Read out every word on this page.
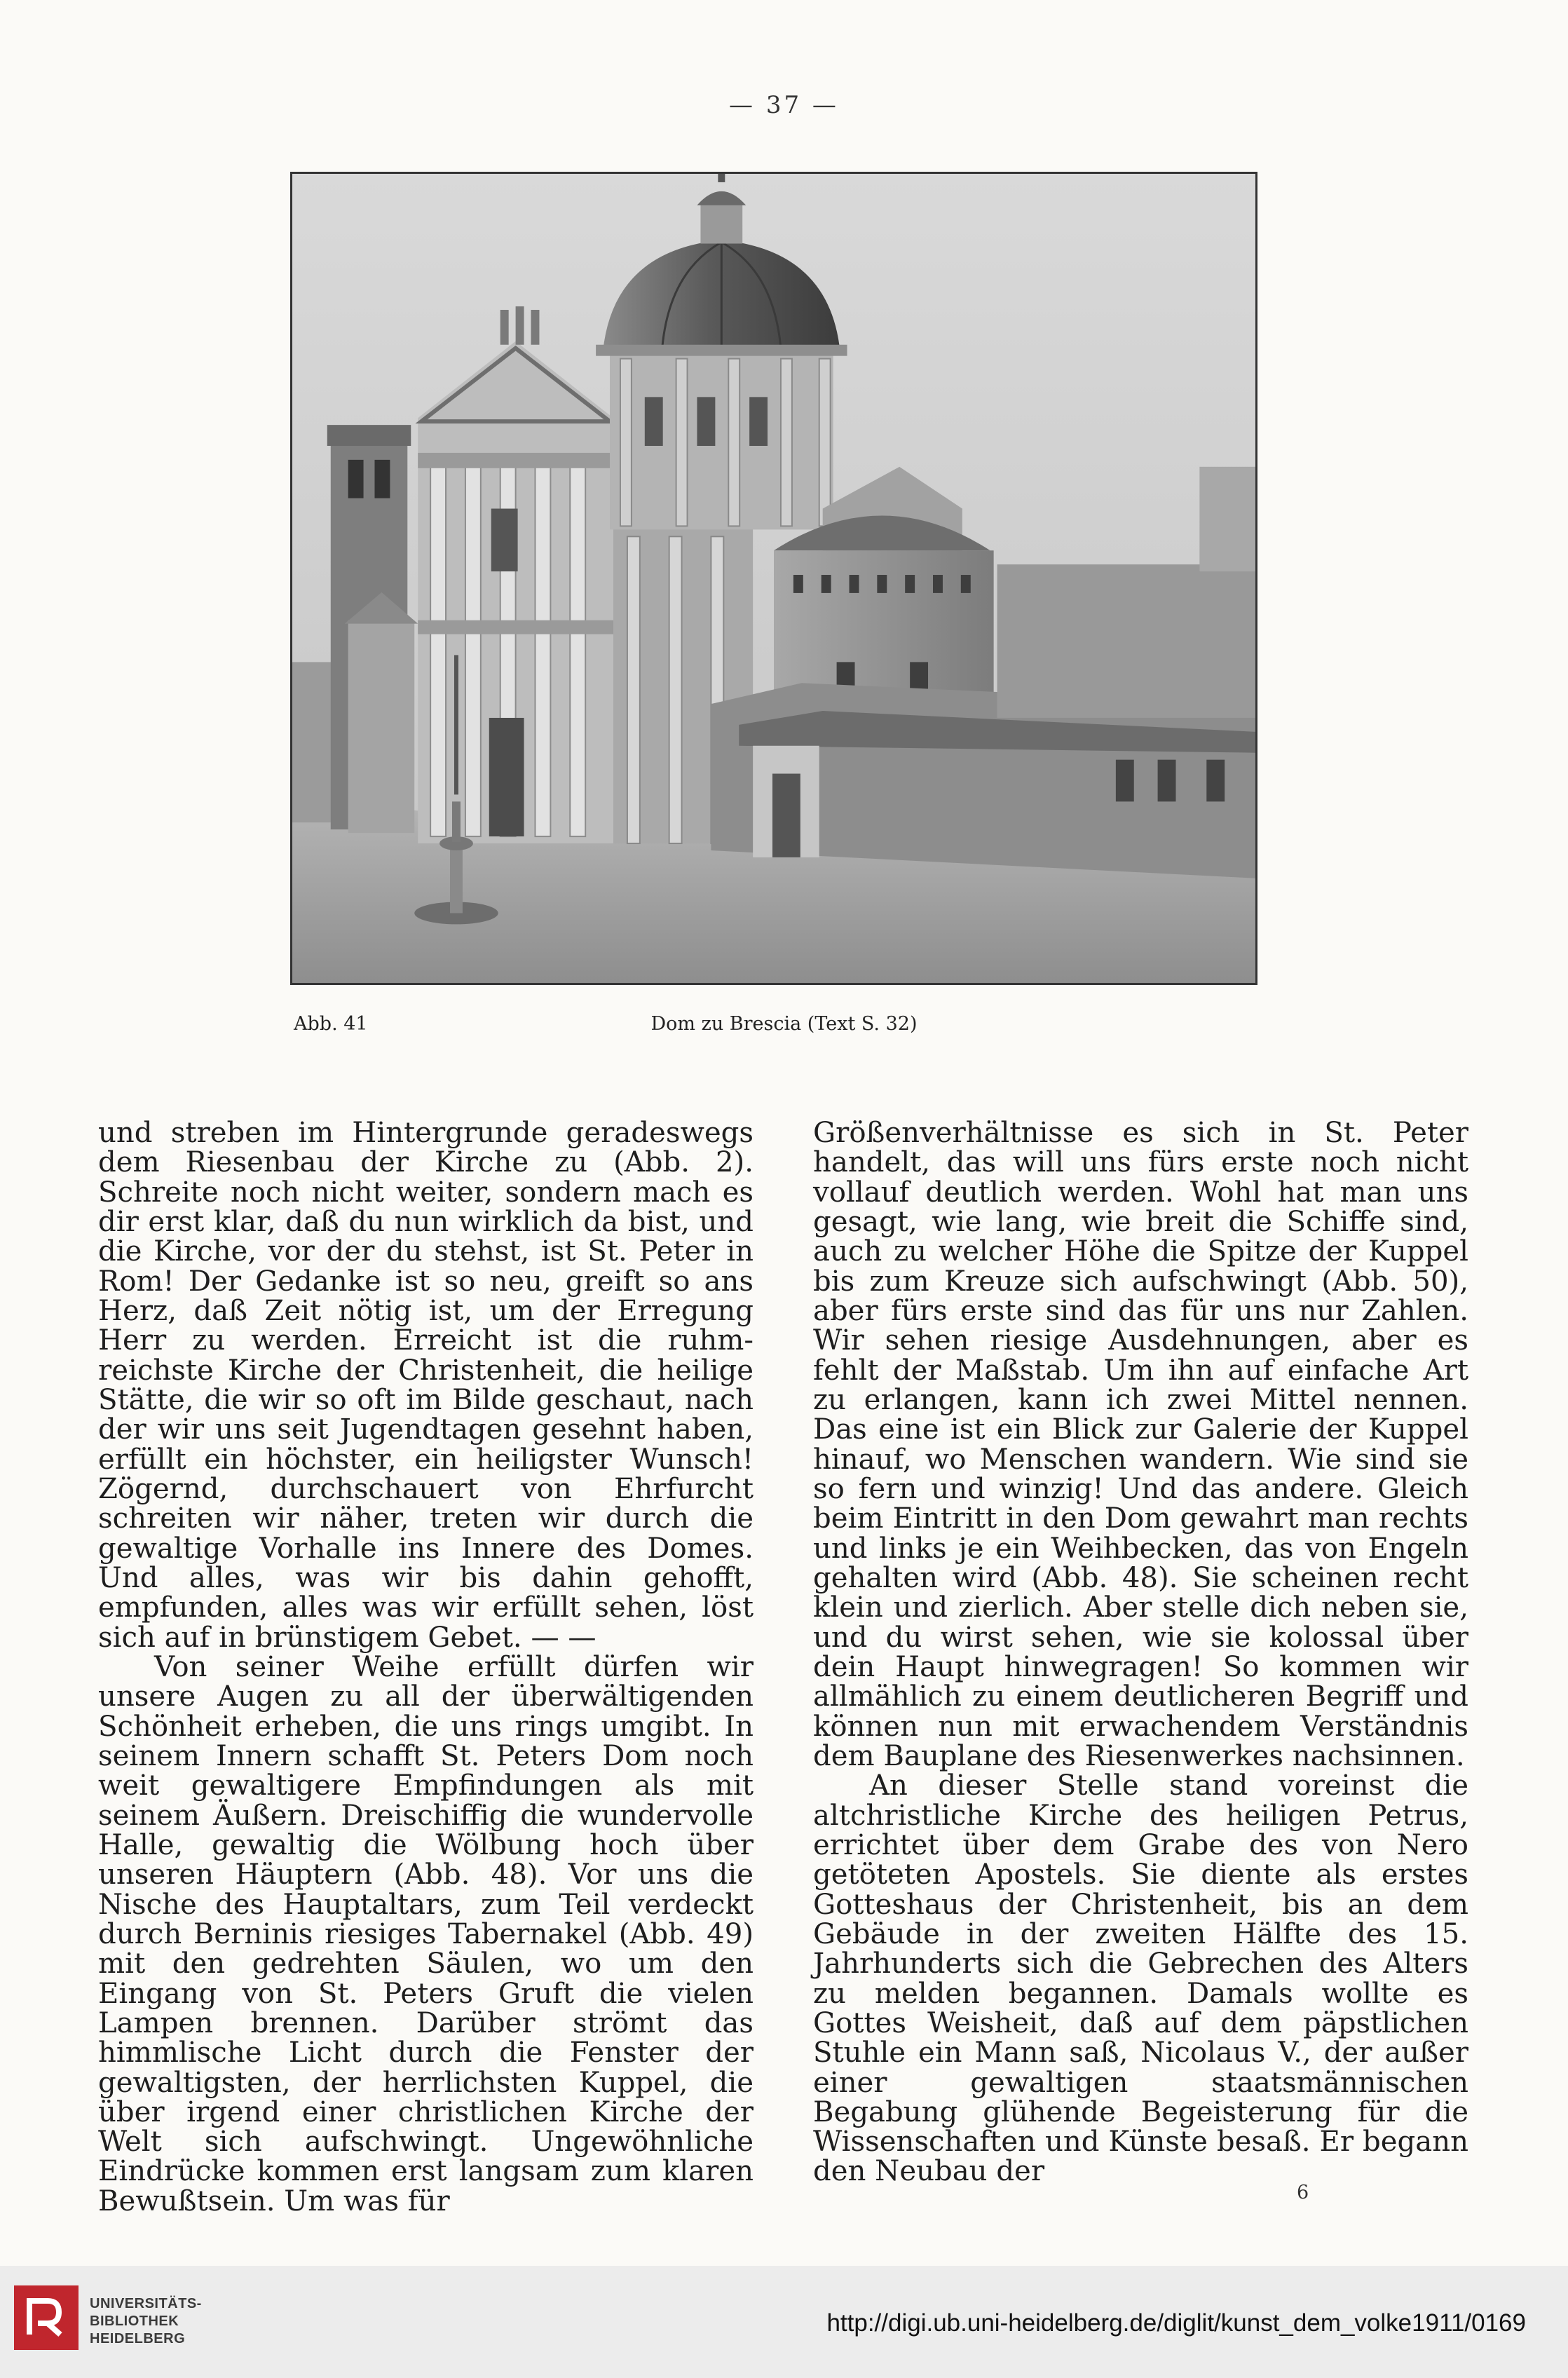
— 37 —
Abb. 41	Dom zu Brescia (Text S. 32)

und streben im Hintergrunde geradeswegs dem Riesenbau der Kirche zu (Abb. 2). Schreite noch nicht weiter, sondern mach es dir erst klar, daß du nun wirklich da bist, und die Kirche, vor der du stehst, ist St. Peter in Rom! Der Gedanke ist so neu, greift so ans Herz, daß Zeit nötig ist, um der Erregung Herr zu werden. Erreicht ist die ruhmreichste Kirche der Christenheit, die heilige Stätte, die wir so oft im Bilde geschaut, nach der wir uns seit Jugendtagen gesehnt haben, erfüllt ein höchster, ein heiligster Wunsch! Zögernd, durchschauert von Ehrfurcht schreiten wir näher, treten wir durch die gewaltige Vorhalle ins Innere des Domes. Und alles, was wir bis dahin gehofft, empfunden, alles was wir erfüllt sehen, löst sich auf in brünstigem Gebet. — —

Von seiner Weihe erfüllt dürfen wir unsere Augen zu all der überwältigenden Schönheit erheben, die uns rings umgibt. In seinem Innern schafft St. Peters Dom noch weit gewaltigere Empfindungen als mit seinem Äußern. Dreischiffig die wundervolle Halle, gewaltig die Wölbung hoch über unseren Häuptern (Abb. 48). Vor uns die Nische des Hauptaltars, zum Teil verdeckt durch Berninis riesiges Tabernakel (Abb. 49) mit den gedrehten Säulen, wo um den Eingang von St. Peters Gruft die vielen Lampen brennen. Darüber strömt das himmlische Licht durch die Fenster der gewaltigsten, der herrlichsten Kuppel, die über irgend einer christlichen Kirche der Welt sich aufschwingt. Ungewöhnliche Eindrücke kommen erst langsam zum klaren Bewußtsein. Um was für

Größenverhältnisse es sich in St. Peter handelt, das will uns fürs erste noch nicht vollauf deutlich werden. Wohl hat man uns gesagt, wie lang, wie breit die Schiffe sind, auch zu welcher Höhe die Spitze der Kuppel bis zum Kreuze sich aufschwingt (Abb. 50), aber fürs erste sind das für uns nur Zahlen. Wir sehen riesige Ausdehnungen, aber es fehlt der Maßstab. Um ihn auf einfache Art zu erlangen, kann ich zwei Mittel nennen. Das eine ist ein Blick zur Galerie der Kuppel hinauf, wo Menschen wandern. Wie sind sie so fern und winzig! Und das andere. Gleich beim Eintritt in den Dom gewahrt man rechts und links je ein Weihbecken, das von Engeln gehalten wird (Abb. 48). Sie scheinen recht klein und zierlich. Aber stelle dich neben sie, und du wirst sehen, wie sie kolossal über dein Haupt hinwegragen! So kommen wir allmählich zu einem deutlicheren Begriff und können nun mit erwachendem Verständnis dem Bauplane des Riesenwerkes nachsinnen.

An dieser Stelle stand voreinst die altchristliche Kirche des heiligen Petrus, errichtet über dem Grabe des von Nero getöteten Apostels. Sie diente als erstes Gotteshaus der Christenheit, bis an dem Gebäude in der zweiten Hälfte des 15. Jahrhunderts sich die Gebrechen des Alters zu melden begannen. Damals wollte es Gottes Weisheit, daß auf dem päpstlichen Stuhle ein Mann saß, Nicolaus V., der außer einer gewaltigen staatsmännischen Begabung glühende Begeisterung für die Wissenschaften und Künste besaß. Er begann den Neubau der

6
UNIVERSITÄTS-
BIBLIOTHEK
HEIDELBERG
http://digi.ub.uni-heidelberg.de/diglit/kunst_dem_volke1911/0169
